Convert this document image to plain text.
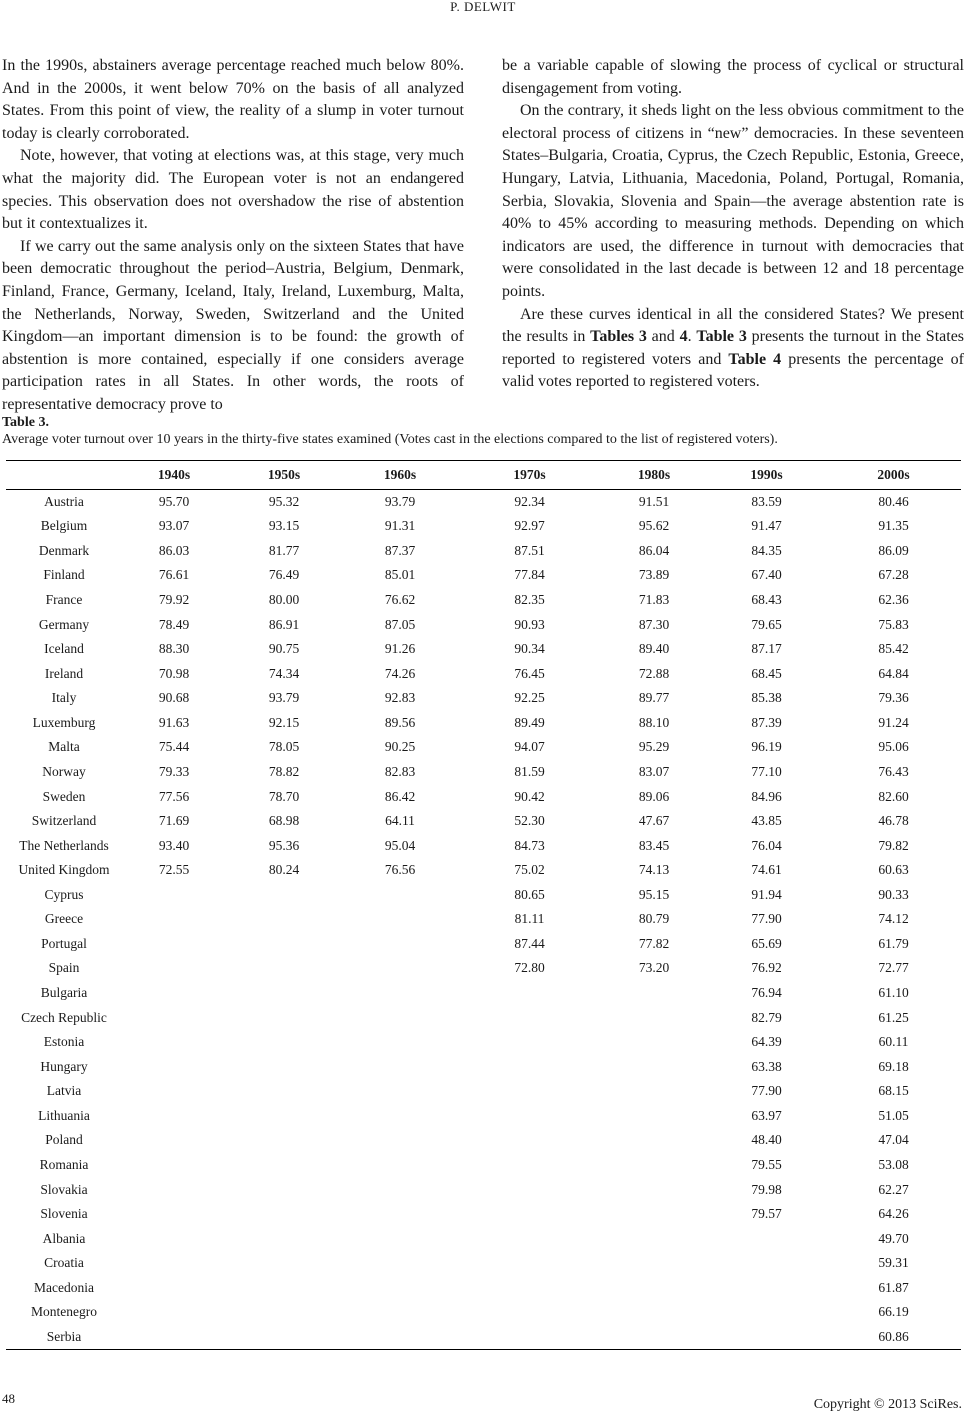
P. DELWIT

In the 1990s, abstainers average percentage reached much below 80%. And in the 2000s, it went below 70% on the basis of all analyzed States. From this point of view, the reality of a slump in voter turnout today is clearly corroborated.

Note, however, that voting at elections was, at this stage, very much what the majority did. The European voter is not an endangered species. This observation does not overshadow the rise of abstention but it contextualizes it.

If we carry out the same analysis only on the sixteen States that have been democratic throughout the period–Austria, Belgium, Denmark, Finland, France, Germany, Iceland, Italy, Ireland, Luxemburg, Malta, the Netherlands, Norway, Sweden, Switzerland and the United Kingdom—an important dimension is to be found: the growth of abstention is more contained, especially if one considers average participation rates in all States. In other words, the roots of representative democracy prove to

be a variable capable of slowing the process of cyclical or structural disengagement from voting.

On the contrary, it sheds light on the less obvious commitment to the electoral process of citizens in “new” democracies. In these seventeen States–Bulgaria, Croatia, Cyprus, the Czech Republic, Estonia, Greece, Hungary, Latvia, Lithuania, Macedonia, Poland, Portugal, Romania, Serbia, Slovakia, Slovenia and Spain—the average abstention rate is 40% to 45% according to measuring methods. Depending on which indicators are used, the difference in turnout with democracies that were consolidated in the last decade is between 12 and 18 percentage points.

Are these curves identical in all the considered States? We present the results in Tables 3 and 4. Table 3 presents the turnout in the States reported to registered voters and Table 4 presents the percentage of valid votes reported to registered voters.

Table 3.
Average voter turnout over 10 years in the thirty-five states examined (Votes cast in the elections compared to the list of registered voters).
	1940s	1950s	1960s	1970s	1980s	1990s	2000s
Austria	95.70	95.32	93.79	92.34	91.51	83.59	80.46
Belgium	93.07	93.15	91.31	92.97	95.62	91.47	91.35
Denmark	86.03	81.77	87.37	87.51	86.04	84.35	86.09
Finland	76.61	76.49	85.01	77.84	73.89	67.40	67.28
France	79.92	80.00	76.62	82.35	71.83	68.43	62.36
Germany	78.49	86.91	87.05	90.93	87.30	79.65	75.83
Iceland	88.30	90.75	91.26	90.34	89.40	87.17	85.42
Ireland	70.98	74.34	74.26	76.45	72.88	68.45	64.84
Italy	90.68	93.79	92.83	92.25	89.77	85.38	79.36
Luxemburg	91.63	92.15	89.56	89.49	88.10	87.39	91.24
Malta	75.44	78.05	90.25	94.07	95.29	96.19	95.06
Norway	79.33	78.82	82.83	81.59	83.07	77.10	76.43
Sweden	77.56	78.70	86.42	90.42	89.06	84.96	82.60
Switzerland	71.69	68.98	64.11	52.30	47.67	43.85	46.78
The Netherlands	93.40	95.36	95.04	84.73	83.45	76.04	79.82
United Kingdom	72.55	80.24	76.56	75.02	74.13	74.61	60.63
Cyprus				80.65	95.15	91.94	90.33
Greece				81.11	80.79	77.90	74.12
Portugal				87.44	77.82	65.69	61.79
Spain				72.80	73.20	76.92	72.77
Bulgaria						76.94	61.10
Czech Republic						82.79	61.25
Estonia						64.39	60.11
Hungary						63.38	69.18
Latvia						77.90	68.15
Lithuania						63.97	51.05
Poland						48.40	47.04
Romania						79.55	53.08
Slovakia						79.98	62.27
Slovenia						79.57	64.26
Albania							49.70
Croatia							59.31
Macedonia							61.87
Montenegro							66.19
Serbia							60.86
48	Copyright © 2013 SciRes.
